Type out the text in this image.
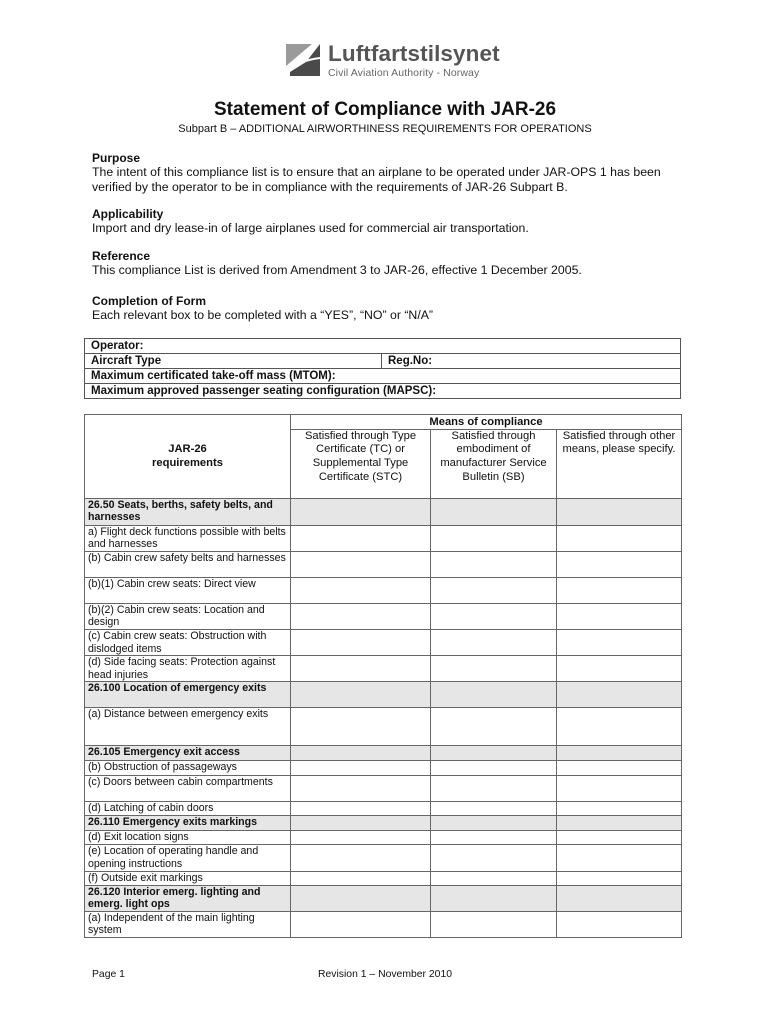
Luftfartstilsynet
Civil Aviation Authority - Norway
Statement of Compliance with JAR-26
Subpart B – ADDITIONAL AIRWORTHINESS REQUIREMENTS FOR OPERATIONS
Purpose

The intent of this compliance list is to ensure that an airplane to be operated under JAR-OPS 1 has been verified by the operator to be in compliance with the requirements of JAR-26 Subpart B.

Applicability

Import and dry lease-in of large airplanes used for commercial air transportation.

Reference

This compliance List is derived from Amendment 3 to JAR-26, effective 1 December 2005.

Completion of Form

Each relevant box to be completed with a “YES”, “NO” or “N/A”

Operator:
Aircraft Type	Reg.No:
Maximum certificated take-off mass (MTOM):
Maximum approved passenger seating configuration (MAPSC):
JAR-26
requirements	Means of compliance		
	Satisfied through Type Certificate (TC) or Supplemental Type Certificate (STC)	Satisfied through embodiment of manufacturer Service Bulletin (SB)	Satisfied through other means, please specify.
26.50 Seats, berths, safety belts, and harnesses			
a) Flight deck functions possible with belts and harnesses			
(b) Cabin crew safety belts and harnesses			
(b)(1) Cabin crew seats: Direct view			
(b)(2) Cabin crew seats: Location and design			
(c) Cabin crew seats: Obstruction with dislodged items			
(d) Side facing seats: Protection against head injuries			
26.100 Location of emergency exits			
(a) Distance between emergency exits			
26.105 Emergency exit access			
(b) Obstruction of passageways			
(c) Doors between cabin compartments			
(d) Latching of cabin doors			
26.110 Emergency exits markings			
(d) Exit location signs			
(e) Location of operating handle and opening instructions			
(f) Outside exit markings			
26.120 Interior emerg. lighting and emerg. light ops			
(a) Independent of the main lighting system			
Page 1	Revision 1 – November 2010
